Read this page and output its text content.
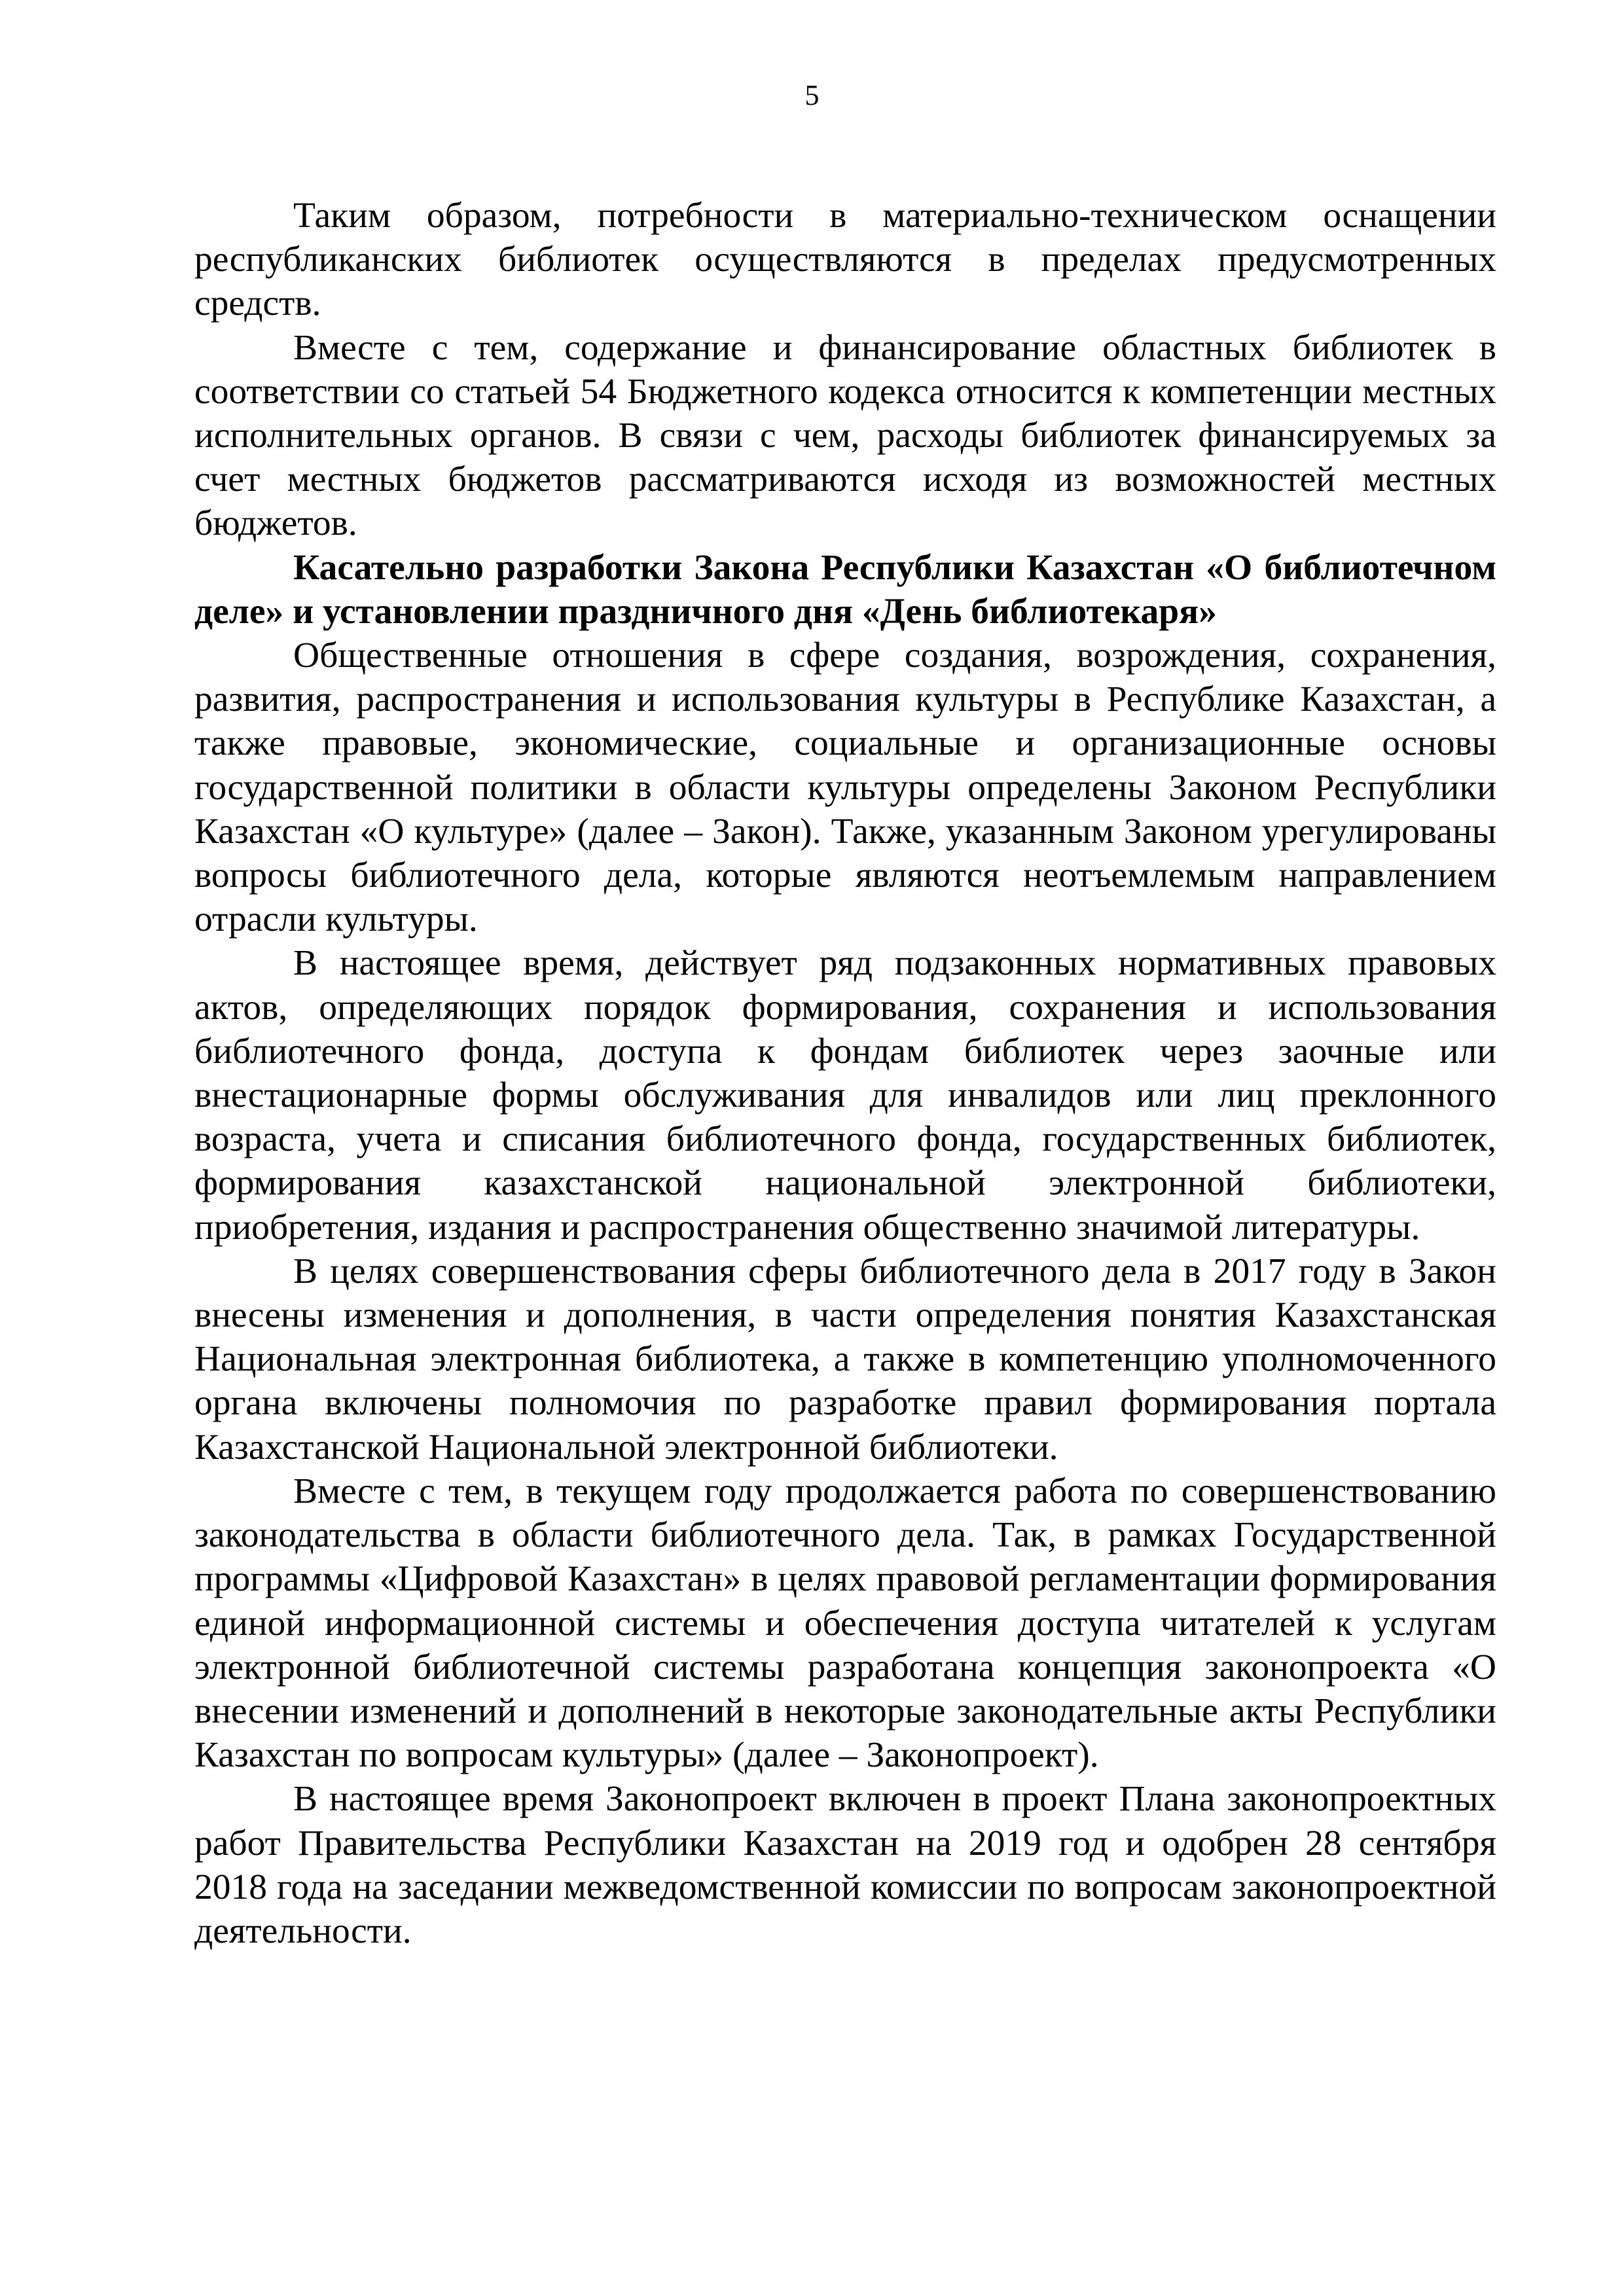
5

Таким образом, потребности в материально-техническом оснащении республиканских библиотек осуществляются в пределах предусмотренных средств.

Вместе с тем, содержание и финансирование областных библиотек в соответствии со статьей 54 Бюджетного кодекса относится к компетенции местных исполнительных органов. В связи с чем, расходы библиотек финансируемых за счет местных бюджетов рассматриваются исходя из возможностей местных бюджетов.

Касательно разработки Закона Республики Казахстан «О библиотечном деле» и установлении праздничного дня «День библиотекаря»

Общественные отношения в сфере создания, возрождения, сохранения, развития, распространения и использования культуры в Республике Казахстан, а также правовые, экономические, социальные и организационные основы государственной политики в области культуры определены Законом Республики Казахстан «О культуре» (далее – Закон). Также, указанным Законом урегулированы вопросы библиотечного дела, которые являются неотъемлемым направлением отрасли культуры.

В настоящее время, действует ряд подзаконных нормативных правовых актов, определяющих порядок формирования, сохранения и использования библиотечного фонда, доступа к фондам библиотек через заочные или внестационарные формы обслуживания для инвалидов или лиц преклонного возраста, учета и списания библиотечного фонда, государственных библиотек, формирования казахстанской национальной электронной библиотеки, приобретения, издания и распространения общественно значимой литературы.

В целях совершенствования сферы библиотечного дела в 2017 году в Закон внесены изменения и дополнения, в части определения понятия Казахстанская Национальная электронная библиотека, а также в компетенцию уполномоченного органа включены полномочия по разработке правил формирования портала Казахстанской Национальной электронной библиотеки.

Вместе с тем, в текущем году продолжается работа по совершенствованию законодательства в области библиотечного дела. Так, в рамках Государственной программы «Цифровой Казахстан» в целях правовой регламентации формирования единой информационной системы и обеспечения доступа читателей к услугам электронной библиотечной системы разработана концепция законопроекта «О внесении изменений и дополнений в некоторые законодательные акты Республики Казахстан по вопросам культуры» (далее – Законопроект).

В настоящее время Законопроект включен в проект Плана законопроектных работ Правительства Республики Казахстан на 2019 год и одобрен 28 сентября 2018 года на заседании межведомственной комиссии по вопросам законопроектной деятельности.
